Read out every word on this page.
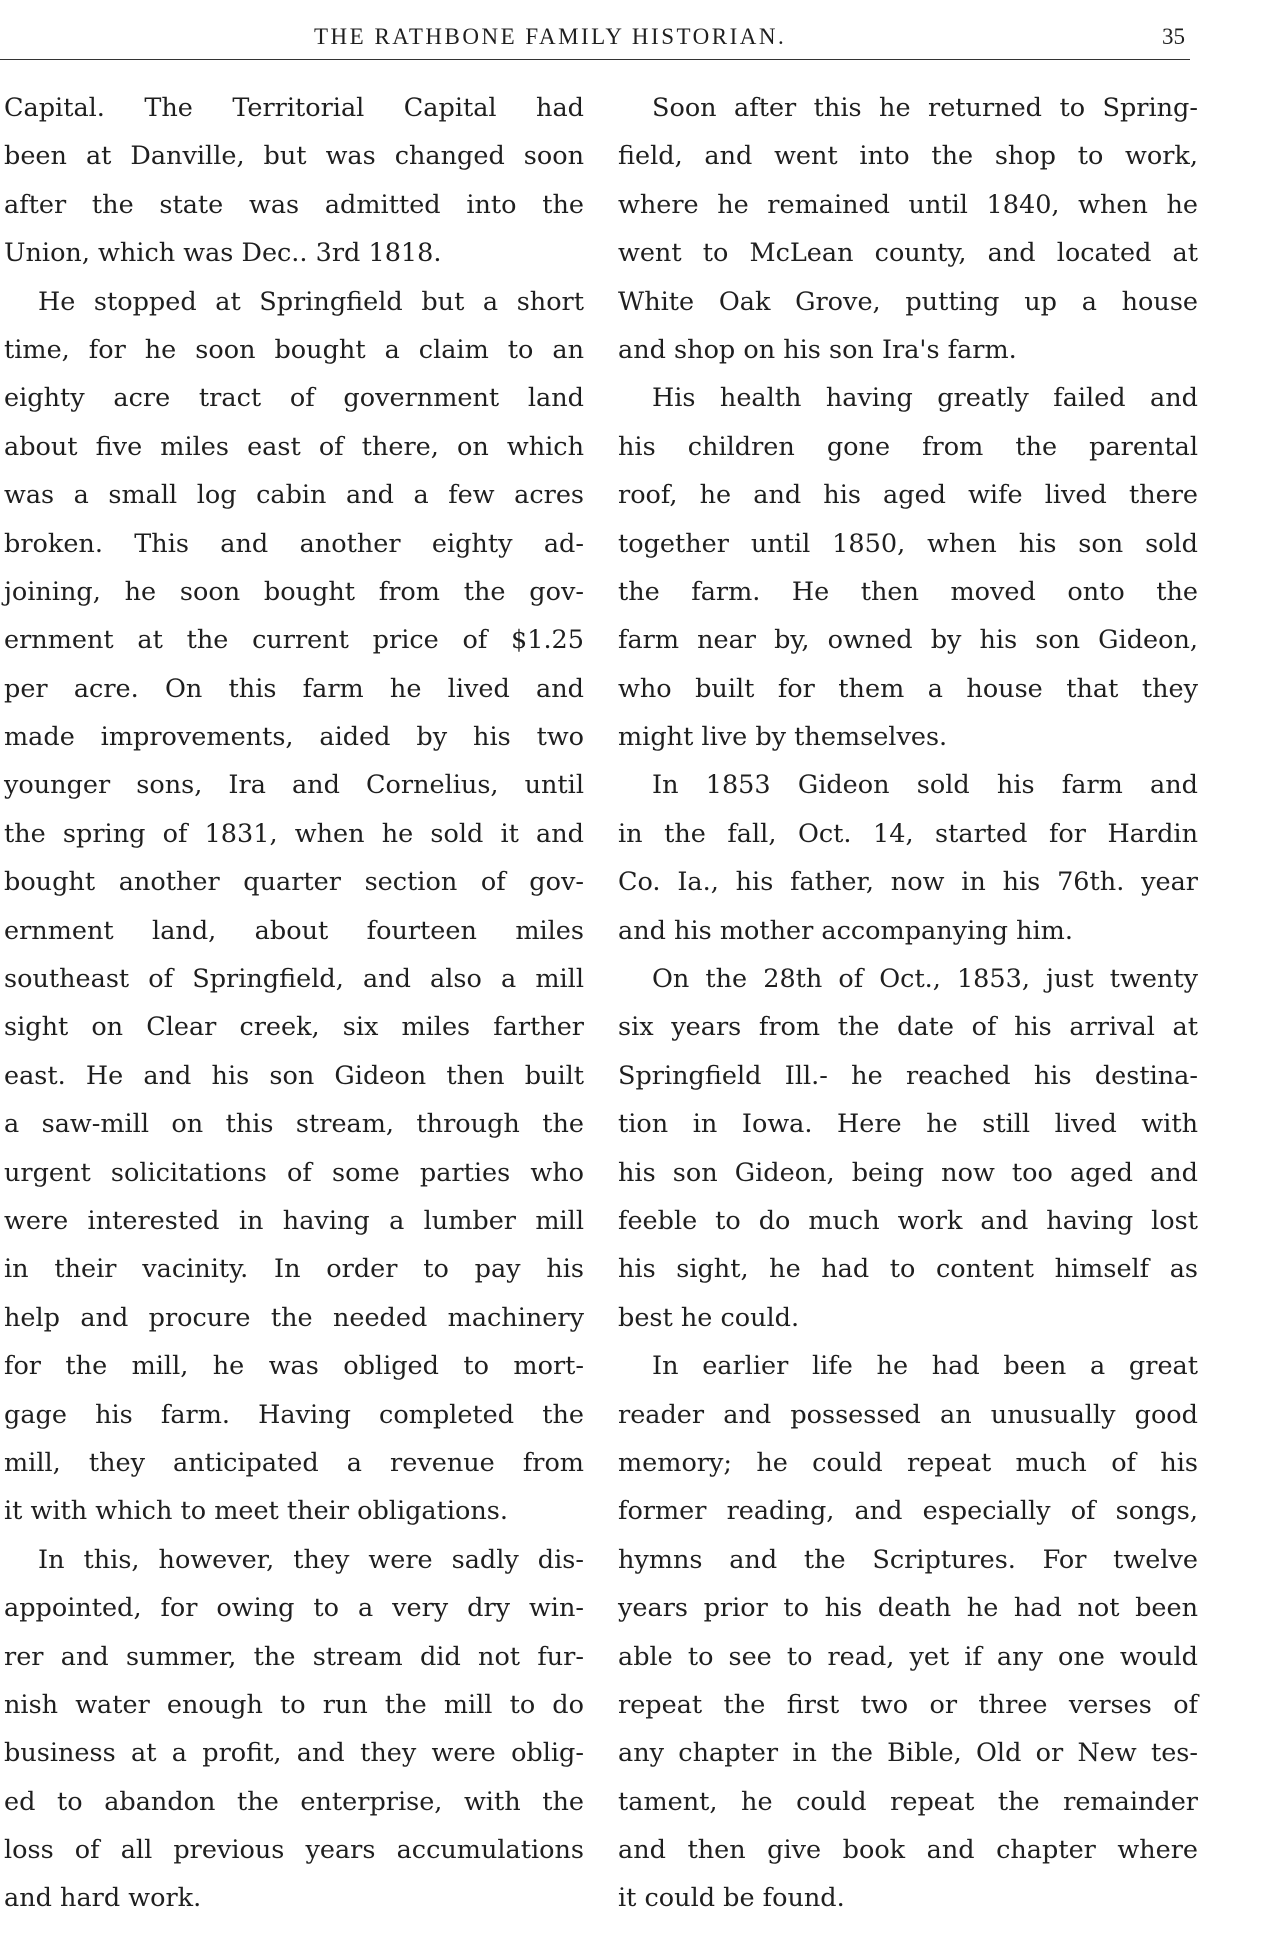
THE RATHBONE FAMILY HISTORIAN.	35
Capital. The Territorial Capital had
been at Danville, but was changed soon
after the state was admitted into the
Union, which was Dec.. 3rd 1818.
He stopped at Springfield but a short
time, for he soon bought a claim to an
eighty acre tract of government land
about five miles east of there, on which
was a small log cabin and a few acres
broken. This and another eighty ad-
joining, he soon bought from the gov-
ernment at the current price of $1.25
per acre. On this farm he lived and
made improvements, aided by his two
younger sons, Ira and Cornelius, until
the spring of 1831, when he sold it and
bought another quarter section of gov-
ernment land, about fourteen miles
southeast of Springfield, and also a mill
sight on Clear creek, six miles farther
east. He and his son Gideon then built
a saw-mill on this stream, through the
urgent solicitations of some parties who
were interested in having a lumber mill
in their vacinity. In order to pay his
help and procure the needed machinery
for the mill, he was obliged to mort-
gage his farm. Having completed the
mill, they anticipated a revenue from
it with which to meet their obligations.
In this, however, they were sadly dis-
appointed, for owing to a very dry win-
rer and summer, the stream did not fur-
nish water enough to run the mill to do
business at a profit, and they were oblig-
ed to abandon the enterprise, with the
loss of all previous years accumulations
and hard work.
Soon after this he returned to Spring-
field, and went into the shop to work,
where he remained until 1840, when he
went to McLean county, and located at
White Oak Grove, putting up a house
and shop on his son Ira's farm.
His health having greatly failed and
his children gone from the parental
roof, he and his aged wife lived there
together until 1850, when his son sold
the farm. He then moved onto the
farm near by, owned by his son Gideon,
who built for them a house that they
might live by themselves.
In 1853 Gideon sold his farm and
in the fall, Oct. 14, started for Hardin
Co. Ia., his father, now in his 76th. year
and his mother accompanying him.
On the 28th of Oct., 1853, just twenty
six years from the date of his arrival at
Springfield Ill.- he reached his destina-
tion in Iowa. Here he still lived with
his son Gideon, being now too aged and
feeble to do much work and having lost
his sight, he had to content himself as
best he could.
In earlier life he had been a great
reader and possessed an unusually good
memory; he could repeat much of his
former reading, and especially of songs,
hymns and the Scriptures. For twelve
years prior to his death he had not been
able to see to read, yet if any one would
repeat the first two or three verses of
any chapter in the Bible, Old or New tes-
tament, he could repeat the remainder
and then give book and chapter where
it could be found.
